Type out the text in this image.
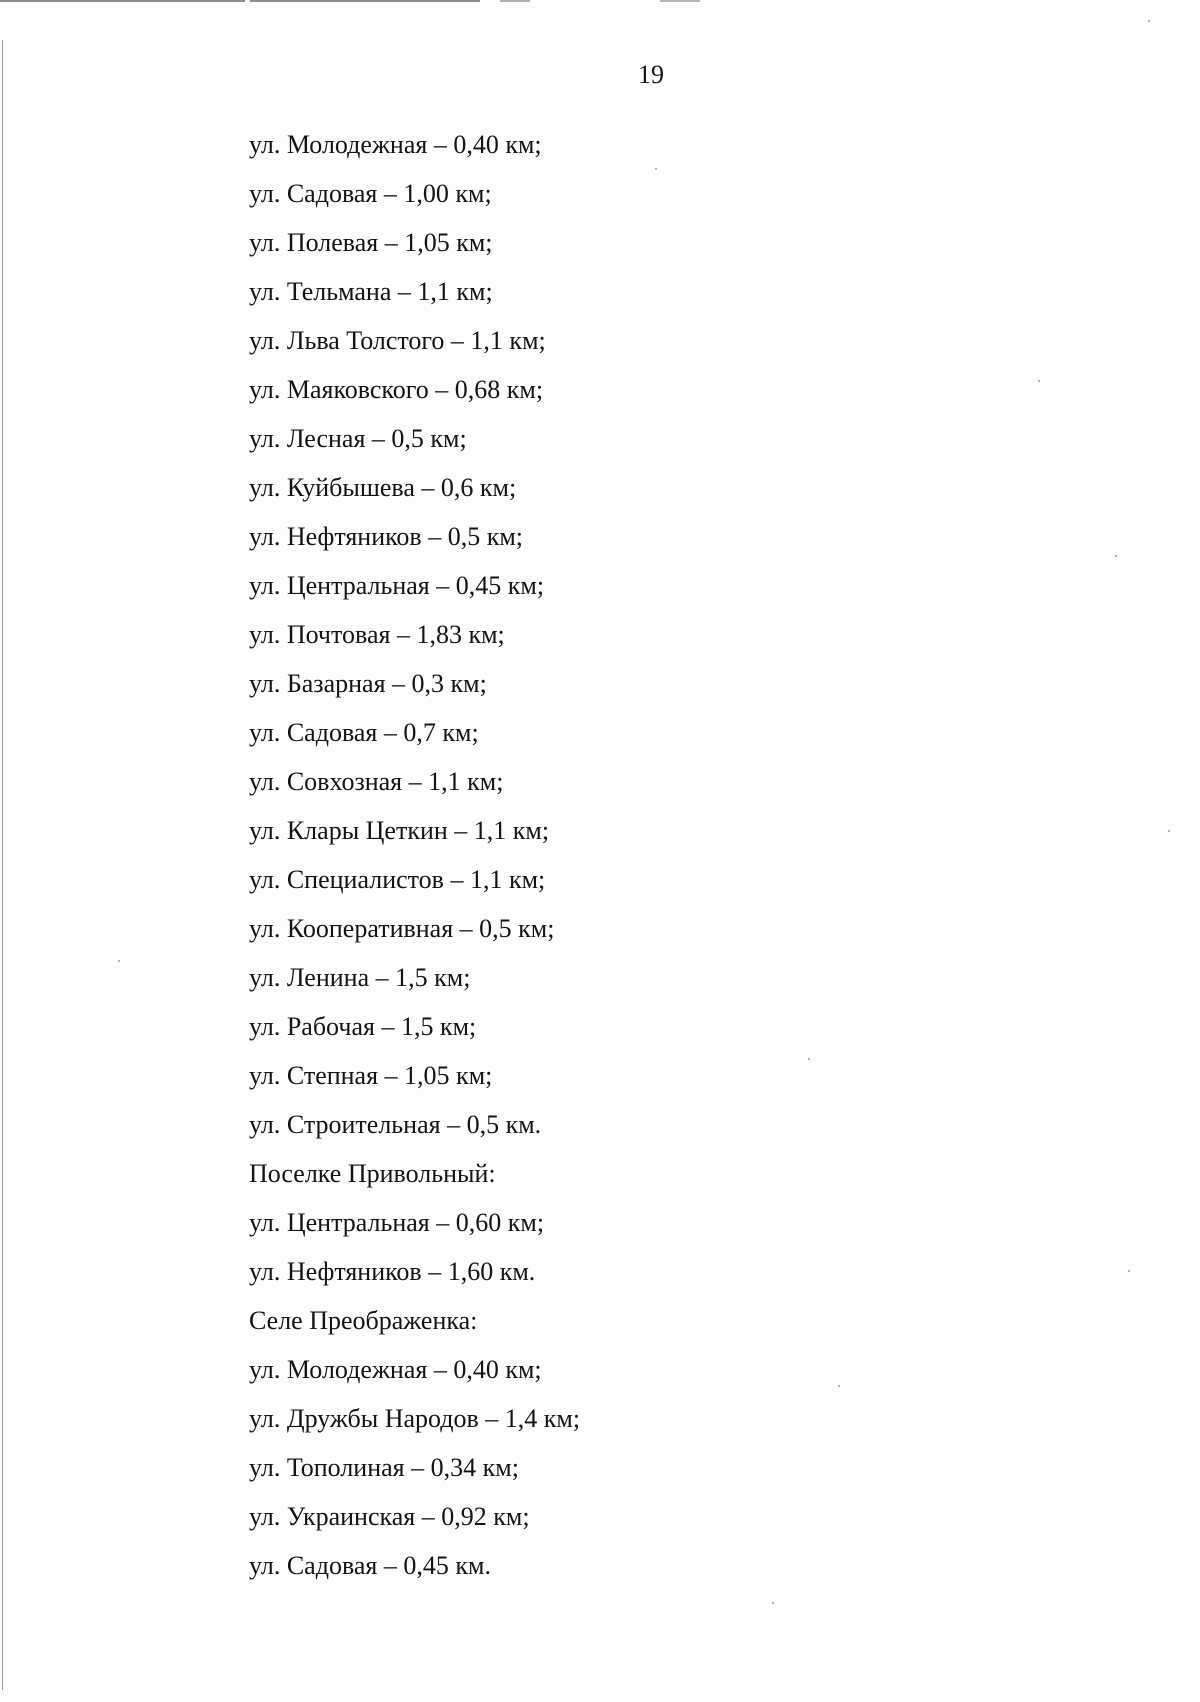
19
ул. Молодежная – 0,40 км;
ул. Садовая – 1,00 км;
ул. Полевая – 1,05 км;
ул. Тельмана – 1,1 км;
ул. Льва Толстого – 1,1 км;
ул. Маяковского – 0,68 км;
ул. Лесная – 0,5 км;
ул. Куйбышева – 0,6 км;
ул. Нефтяников – 0,5 км;
ул. Центральная – 0,45 км;
ул. Почтовая – 1,83 км;
ул. Базарная – 0,3 км;
ул. Садовая – 0,7 км;
ул. Совхозная – 1,1 км;
ул. Клары Цеткин – 1,1 км;
ул. Специалистов – 1,1 км;
ул. Кооперативная – 0,5 км;
ул. Ленина – 1,5 км;
ул. Рабочая – 1,5 км;
ул. Степная – 1,05 км;
ул. Строительная – 0,5 км.
Поселке Привольный:
ул. Центральная – 0,60 км;
ул. Нефтяников – 1,60 км.
Селе Преображенка:
ул. Молодежная – 0,40 км;
ул. Дружбы Народов – 1,4 км;
ул. Тополиная – 0,34 км;
ул. Украинская – 0,92 км;
ул. Садовая – 0,45 км.
